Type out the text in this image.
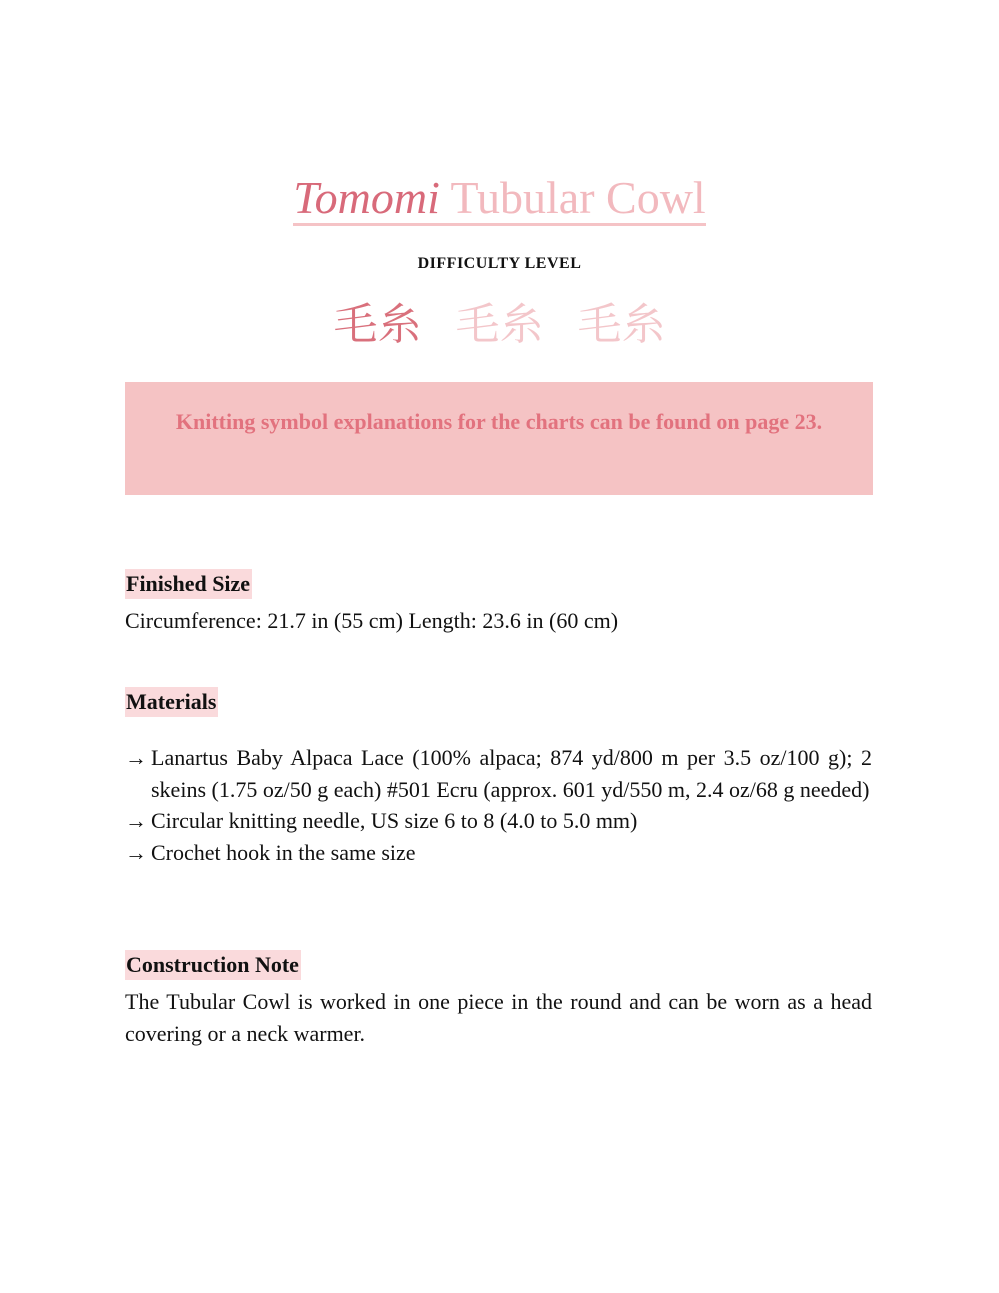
Tomomi Tubular Cowl
DIFFICULTY LEVEL
毛糸 毛糸 毛糸
Knitting symbol explanations for the charts can be found on page 23.
Finished Size
Circumference: 21.7 in (55 cm) Length: 23.6 in (60 cm)
Materials
→ Lanartus Baby Alpaca Lace (100% alpaca; 874 yd/800 m per 3.5 oz/100 g); 2 skeins (1.75 oz/50 g each) #501 Ecru (approx. 601 yd/550 m, 2.4 oz/68 g needed)
→ Circular knitting needle, US size 6 to 8 (4.0 to 5.0 mm)
→ Crochet hook in the same size
Construction Note
The Tubular Cowl is worked in one piece in the round and can be worn as a head covering or a neck warmer.
